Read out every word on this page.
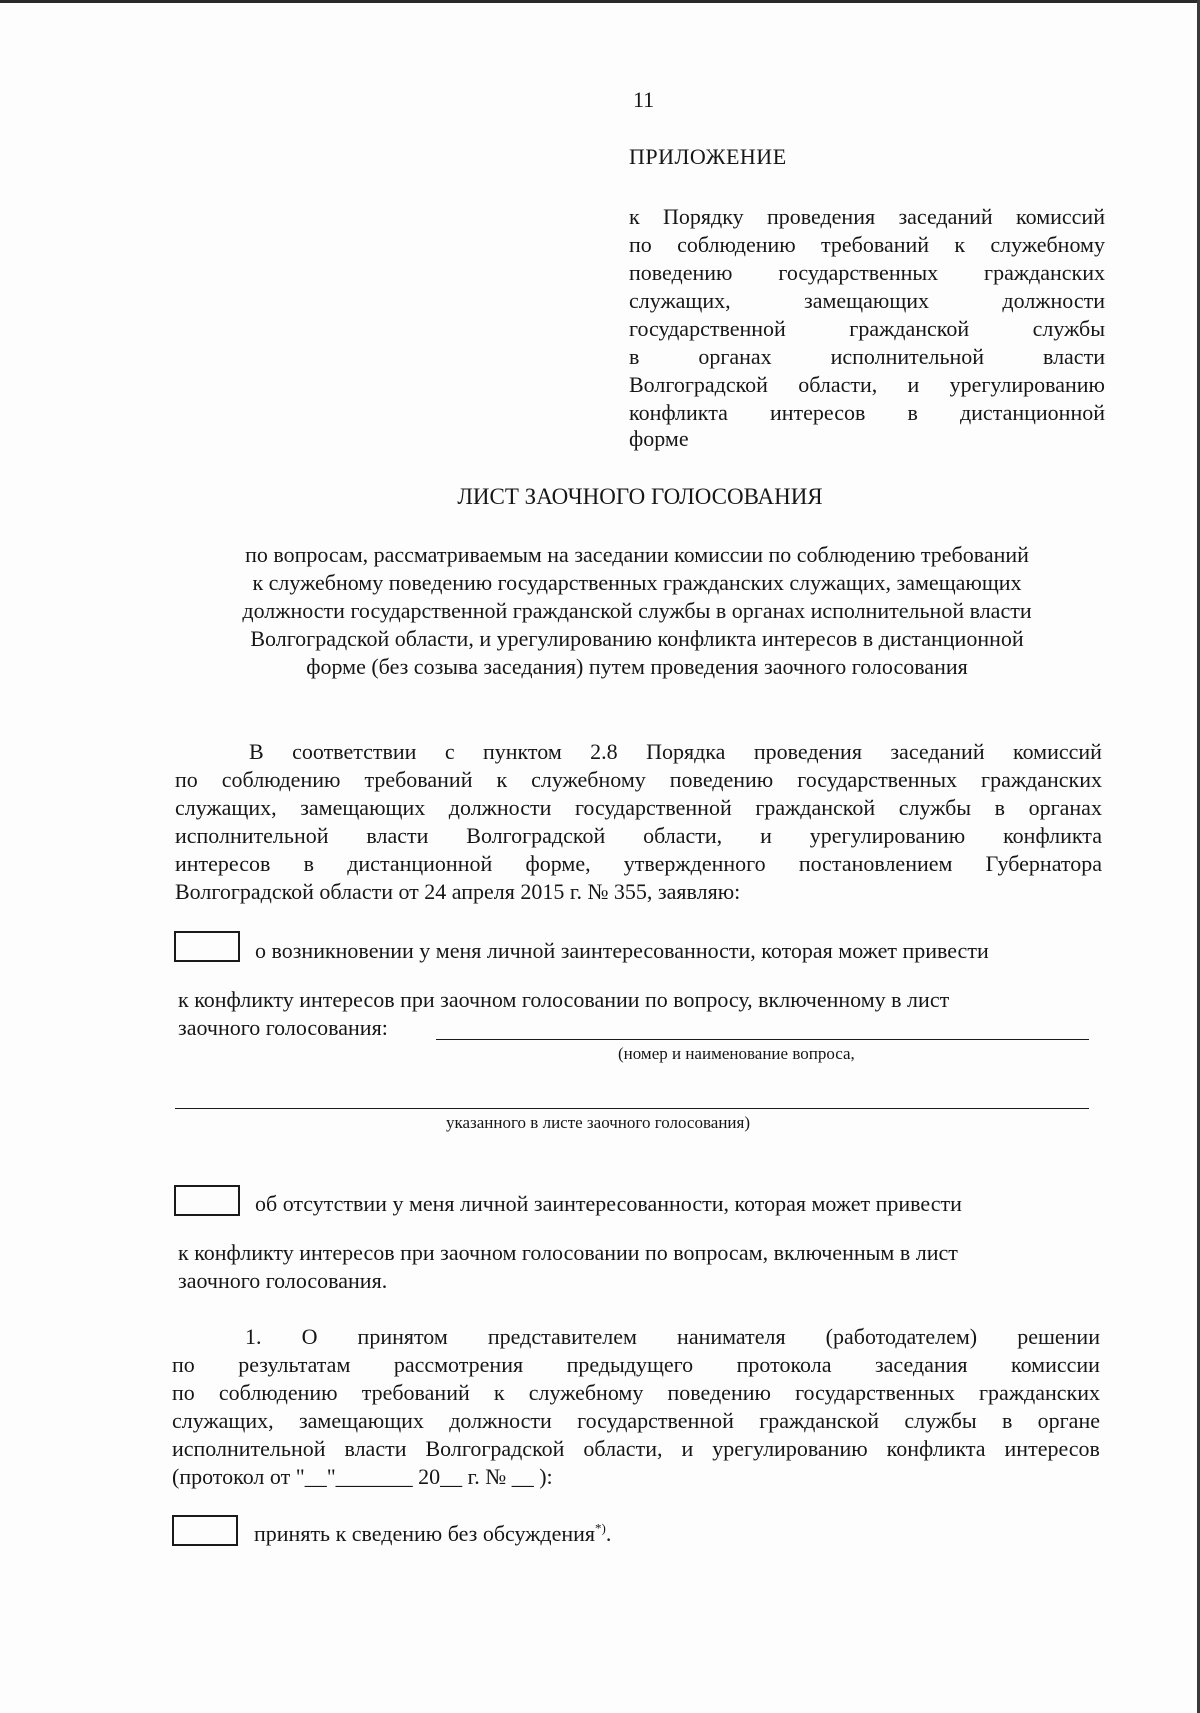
11
ПРИЛОЖЕНИЕ
к Порядку проведения заседаний комиссий
по соблюдению требований к служебному
поведению государственных гражданских
служащих,	замещающих	должности
государственной	гражданской	службы
в	органах	исполнительной	власти
Волгоградской области, и урегулированию
конфликта интересов в дистанционной
форме
ЛИСТ ЗАОЧНОГО ГОЛОСОВАНИЯ
по вопросам, рассматриваемым на заседании комиссии по соблюдению требований
к служебному поведению государственных гражданских служащих, замещающих
должности государственной гражданской службы в органах исполнительной власти
Волгоградской области, и урегулированию конфликта интересов в дистанционной
форме (без созыва заседания) путем проведения заочного голосования
В соответствии с пунктом 2.8 Порядка проведения заседаний комиссий
по соблюдению требований к служебному поведению государственных гражданских
служащих, замещающих должности государственной гражданской службы в органах
исполнительной власти Волгоградской области, и урегулированию конфликта
интересов в дистанционной форме, утвержденного постановлением Губернатора
Волгоградской области от 24 апреля 2015 г. № 355, заявляю:
о возникновении у меня личной заинтересованности, которая может привести
к конфликту интересов при заочном голосовании по вопросу, включенному в лист
заочного голосования:
(номер и наименование вопроса,
указанного в листе заочного голосования)
об отсутствии у меня личной заинтересованности, которая может привести
к конфликту интересов при заочном голосовании по вопросам, включенным в лист
заочного голосования.
1. О принятом представителем нанимателя (работодателем) решении
по результатам рассмотрения предыдущего протокола заседания комиссии
по соблюдению требований к служебному поведению государственных гражданских
служащих, замещающих должности государственной гражданской службы в органе
исполнительной власти Волгоградской области, и урегулированию конфликта интересов
(протокол от "__"_______ 20__ г. № __ ):
принять к сведению без обсуждения*).
